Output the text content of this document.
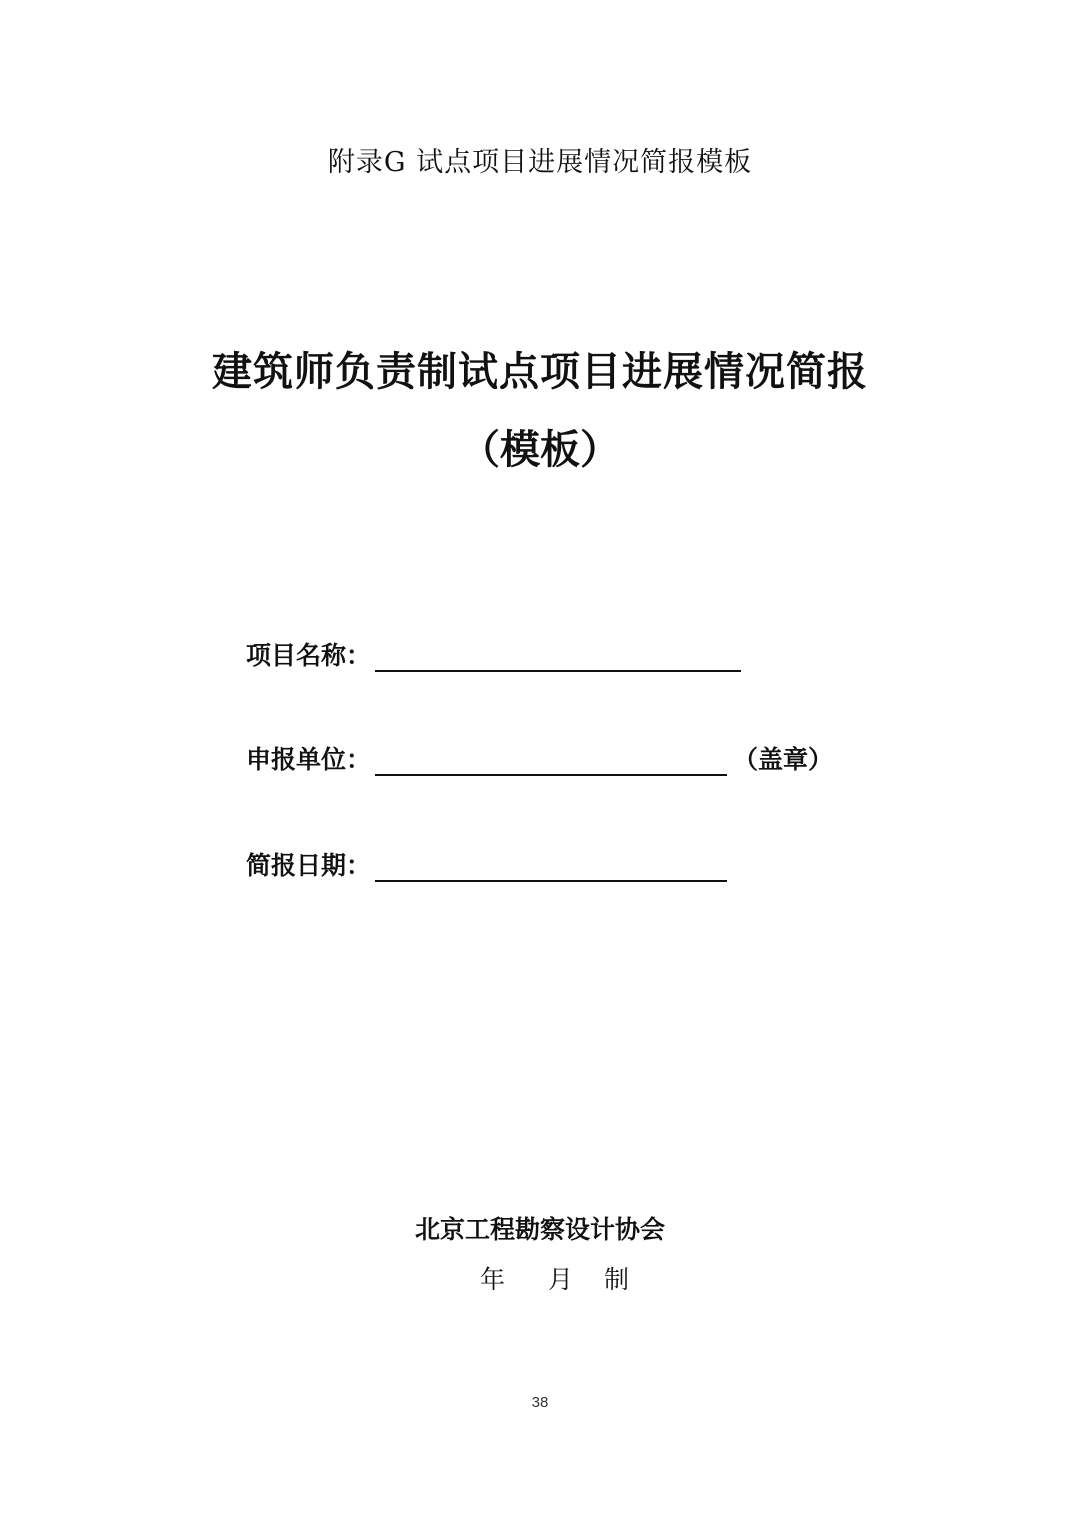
附录G 试点项目进展情况简报模板
建筑师负责制试点项目进展情况简报
（模板）
项目名称：
申报单位：	（盖章）
简报日期：
北京工程勘察设计协会
年	月	制
38
